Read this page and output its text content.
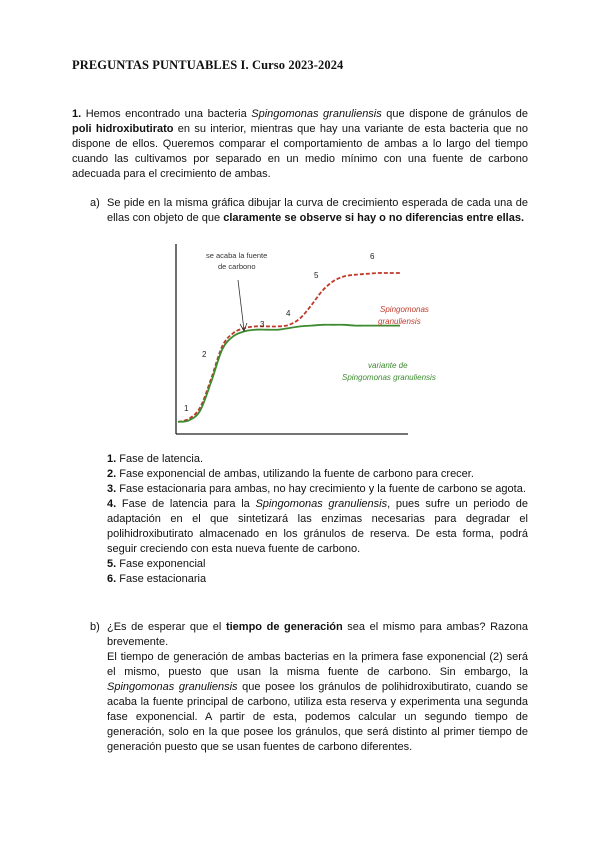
PREGUNTAS PUNTUABLES I. Curso 2023-2024
1. Hemos encontrado una bacteria Spingomonas granuliensis que dispone de gránulos de poli hidroxibutirato en su interior, mientras que hay una variante de esta bacteria que no dispone de ellos. Queremos comparar el comportamiento de ambas a lo largo del tiempo cuando las cultivamos por separado en un medio mínimo con una fuente de carbono adecuada para el crecimiento de ambas.
a) Se pide en la misma gráfica dibujar la curva de crecimiento esperada de cada una de ellas con objeto de que claramente se observe si hay o no diferencias entre ellas.
se acaba la fuente
de carbono
1
2
3
4
5
6
Spingomonas
granuliensis
variante de
Spingomonas granuliensis
1. Fase de latencia.
2. Fase exponencial de ambas, utilizando la fuente de carbono para crecer.
3. Fase estacionaria para ambas, no hay crecimiento y la fuente de carbono se agota.
4. Fase de latencia para la Spingomonas granuliensis, pues sufre un periodo de adaptación en el que sintetizará las enzimas necesarias para degradar el polihidroxibutirato almacenado en los gránulos de reserva. De esta forma, podrá seguir creciendo con esta nueva fuente de carbono.
5. Fase exponencial
6. Fase estacionaria
b) ¿Es de esperar que el tiempo de generación sea el mismo para ambas? Razona brevemente.
El tiempo de generación de ambas bacterias en la primera fase exponencial (2) será el mismo, puesto que usan la misma fuente de carbono. Sin embargo, la Spingomonas granuliensis que posee los gránulos de polihidroxibutirato, cuando se acaba la fuente principal de carbono, utiliza esta reserva y experimenta una segunda fase exponencial. A partir de esta, podemos calcular un segundo tiempo de generación, solo en la que posee los gránulos, que será distinto al primer tiempo de generación puesto que se usan fuentes de carbono diferentes.
